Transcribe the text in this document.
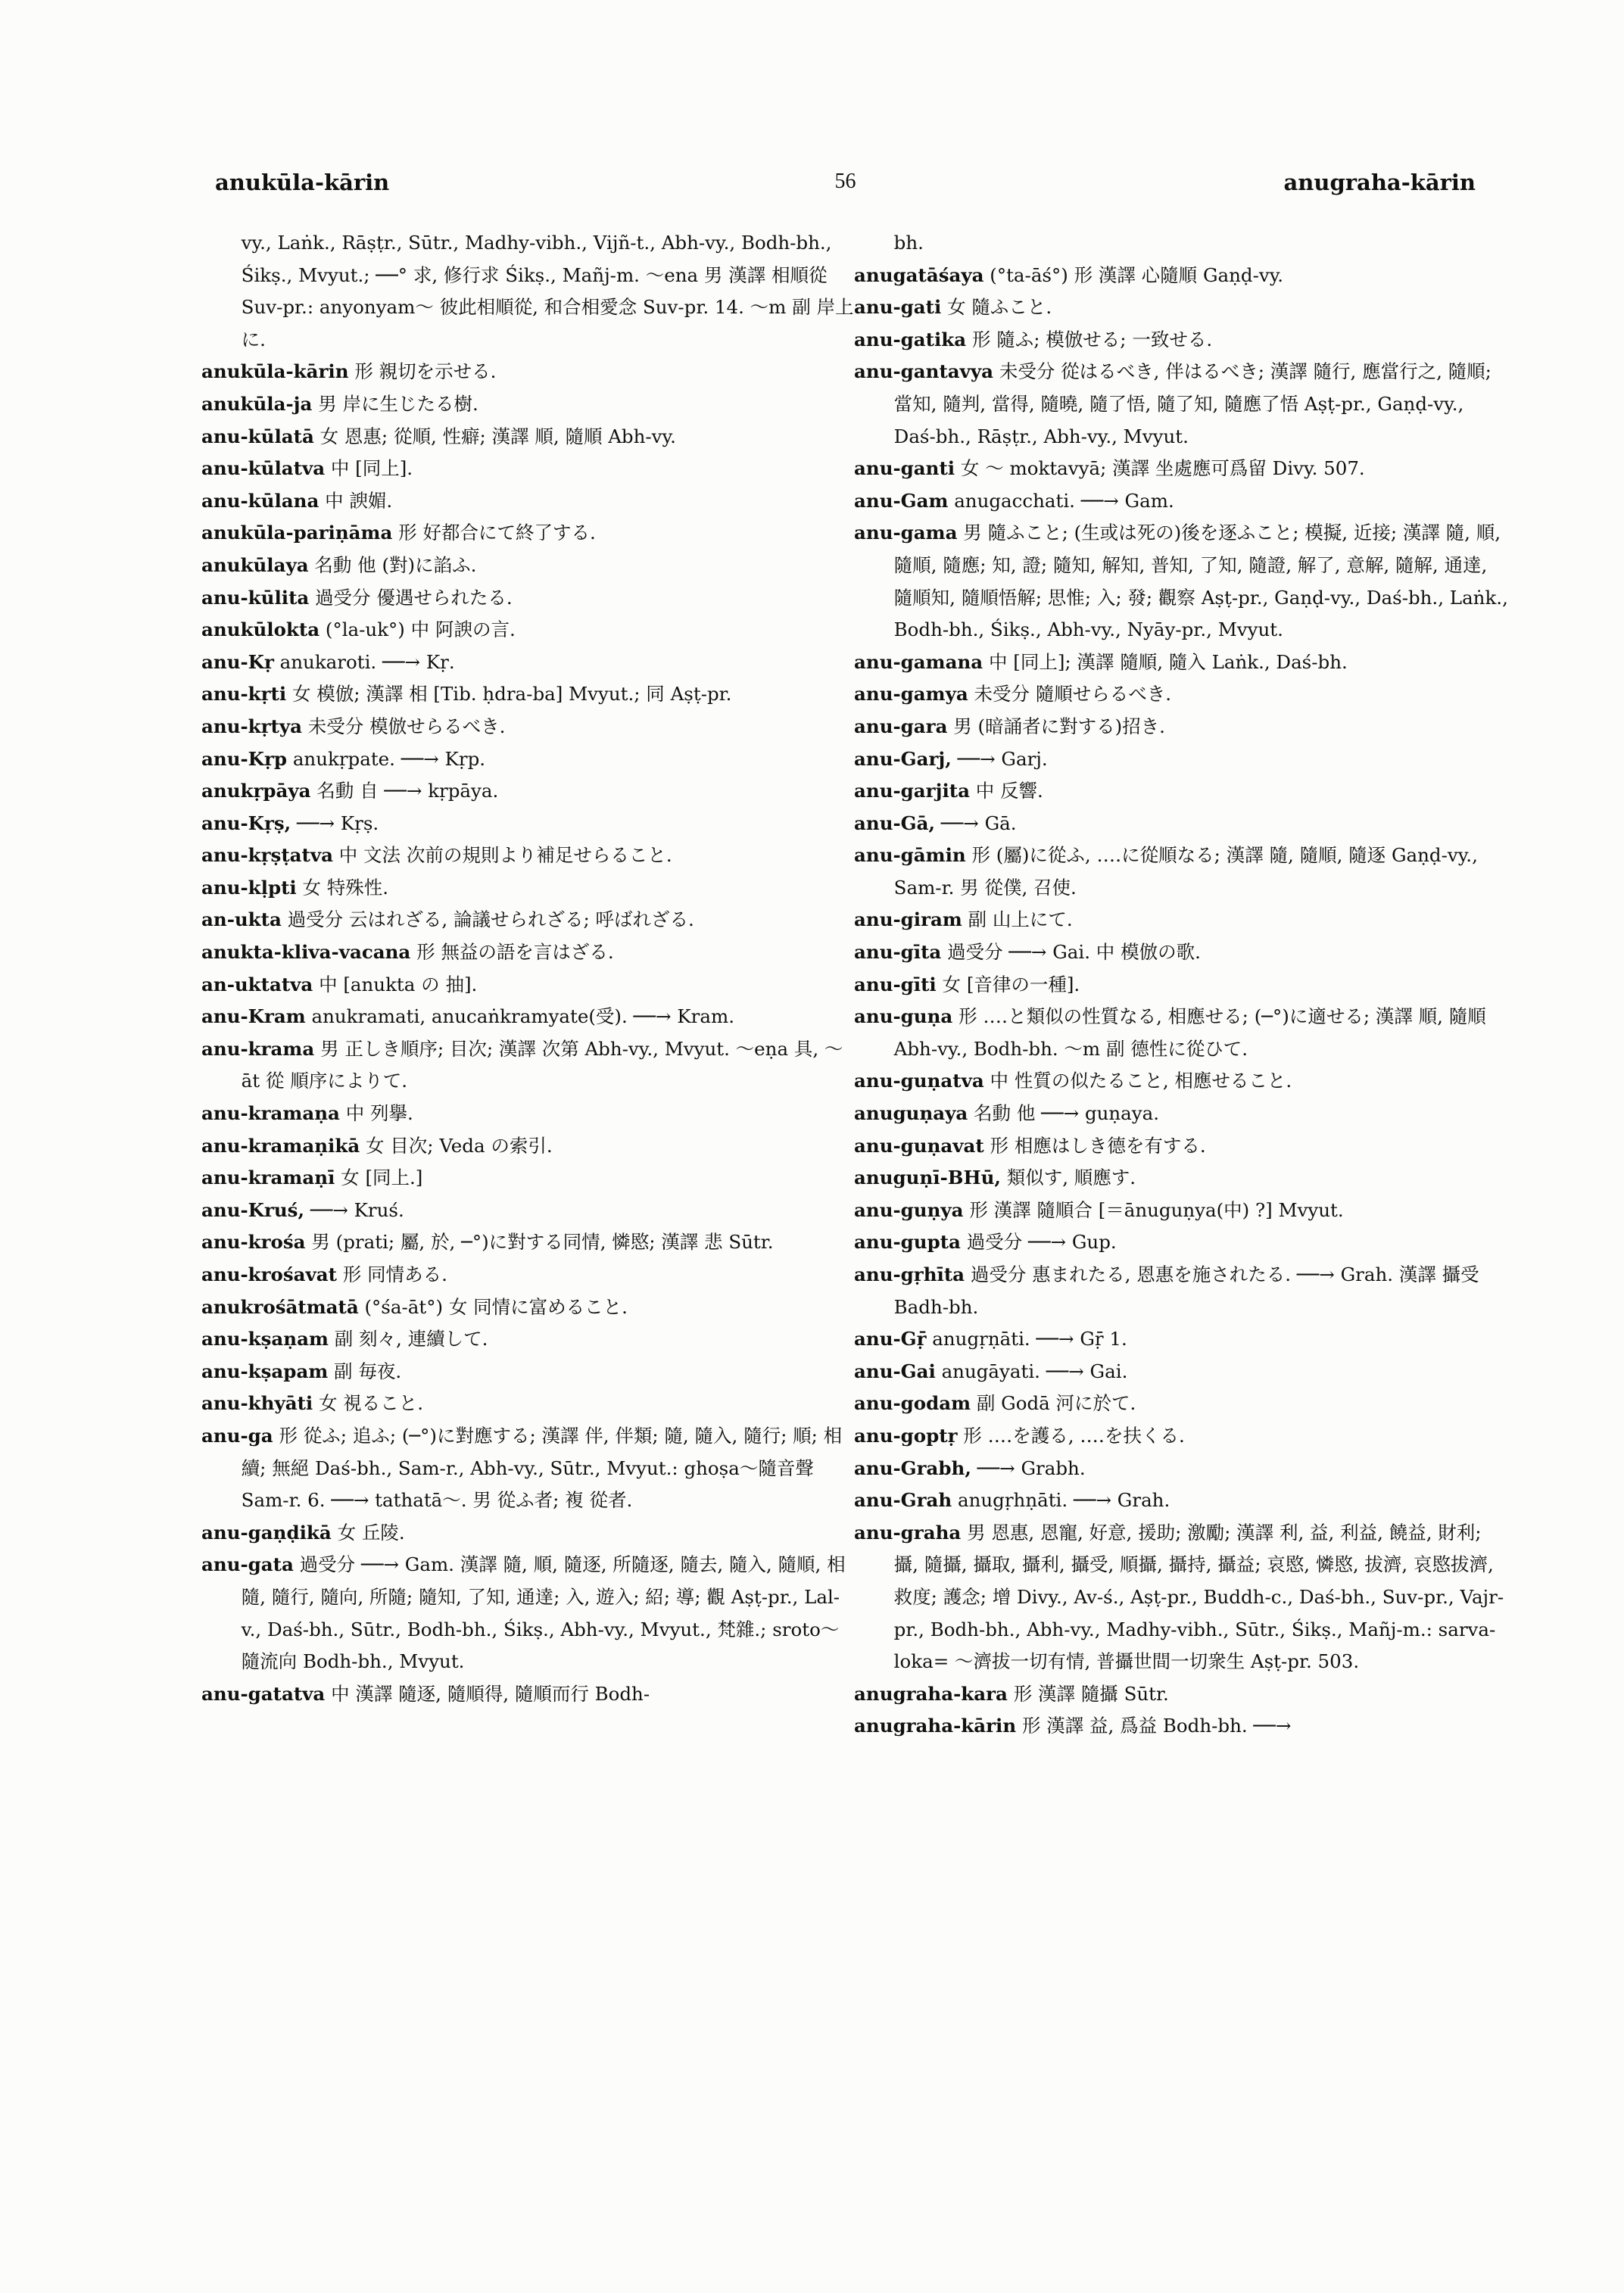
anukūla-kārin	56	anugraha-kārin
vy., Laṅk., Rāṣṭr., Sūtr., Madhy-vibh., Vijñ-t., Abh-vy., Bodh-bh., Śikṣ., Mvyut.; ──° 求, 修行求 Śikṣ., Mañj-m. ～ena 男 漢譯 相順從 Suv-pr.: anyonyam～ 彼此相順從, 和合相愛念 Suv-pr. 14. ～m 副 岸上に.
anukūla-kārin 形 親切を示せる.
anukūla-ja 男 岸に生じたる樹.
anu-kūlatā 女 恩惠; 從順, 性癖; 漢譯 順, 隨順 Abh-vy.
anu-kūlatva 中 [同上].
anu-kūlana 中 諛媚.
anukūla-pariṇāma 形 好都合にて終了する.
anukūlaya 名動 他 (對)に諂ふ.
anu-kūlita 過受分 優遇せられたる.
anukūlokta (°la-uk°) 中 阿諛の言.
anu-Kṛ anukaroti. ──→ Kṛ.
anu-kṛti 女 模倣; 漢譯 相 [Tib. ḥdra-ba] Mvyut.; 同 Aṣṭ-pr.
anu-kṛtya 未受分 模倣せらるべき.
anu-Kṛp anukṛpate. ──→ Kṛp.
anukṛpāya 名動 自 ──→ kṛpāya.
anu-Kṛṣ, ──→ Kṛṣ.
anu-kṛṣṭatva 中 文法 次前の規則より補足せらること.
anu-kḷpti 女 特殊性.
an-ukta 過受分 云はれざる, 論議せられざる; 呼ばれざる.
anukta-kliva-vacana 形 無益の語を言はざる.
an-uktatva 中 [anukta の 抽].
anu-Kram anukramati, anucaṅkramyate(受). ──→ Kram.
anu-krama 男 正しき順序; 目次; 漢譯 次第 Abh-vy., Mvyut. ～eṇa 具, ～āt 從 順序によりて.
anu-kramaṇa 中 列擧.
anu-kramaṇikā 女 目次; Veda の索引.
anu-kramaṇī 女 [同上.]
anu-Kruś, ──→ Kruś.
anu-krośa 男 (prati; 屬, 於, ─°)に對する同情, 憐愍; 漢譯 悲 Sūtr.
anu-krośavat 形 同情ある.
anukrośātmatā (°śa-āt°) 女 同情に富めること.
anu-kṣaṇam 副 刻々, 連續して.
anu-kṣapam 副 毎夜.
anu-khyāti 女 視ること.
anu-ga 形 從ふ; 追ふ; (─°)に對應する; 漢譯 伴, 伴類; 隨, 隨入, 隨行; 順; 相續; 無絕 Daś-bh., Sam-r., Abh-vy., Sūtr., Mvyut.: ghoṣa～隨音聲 Sam-r. 6. ──→ tathatā～. 男 從ふ者; 複 從者.
anu-gaṇḍikā 女 丘陵.
anu-gata 過受分 ──→ Gam. 漢譯 隨, 順, 隨逐, 所隨逐, 隨去, 隨入, 隨順, 相隨, 隨行, 隨向, 所隨; 隨知, 了知, 通達; 入, 遊入; 紹; 導; 觀 Aṣṭ-pr., Lal-v., Daś-bh., Sūtr., Bodh-bh., Śikṣ., Abh-vy., Mvyut., 梵雜.; sroto～ 隨流向 Bodh-bh., Mvyut.
anu-gatatva 中 漢譯 隨逐, 隨順得, 隨順而行 Bodh-
bh.
anugatāśaya (°ta-āś°) 形 漢譯 心隨順 Gaṇḍ-vy.
anu-gati 女 隨ふこと.
anu-gatika 形 隨ふ; 模倣せる; 一致せる.
anu-gantavya 未受分 從はるべき, 伴はるべき; 漢譯 隨行, 應當行之, 隨順; 當知, 隨判, 當得, 隨曉, 隨了悟, 隨了知, 隨應了悟 Aṣṭ-pr., Gaṇḍ-vy., Daś-bh., Rāṣṭr., Abh-vy., Mvyut.
anu-ganti 女 ～ moktavyā; 漢譯 坐處應可爲留 Divy. 507.
anu-Gam anugacchati. ──→ Gam.
anu-gama 男 隨ふこと; (生或は死の)後を逐ふこと; 模擬, 近接; 漢譯 隨, 順, 隨順, 隨應; 知, 證; 隨知, 解知, 普知, 了知, 隨證, 解了, 意解, 隨解, 通達, 隨順知, 隨順悟解; 思惟; 入; 發; 觀察 Aṣṭ-pr., Gaṇḍ-vy., Daś-bh., Laṅk., Bodh-bh., Śikṣ., Abh-vy., Nyāy-pr., Mvyut.
anu-gamana 中 [同上]; 漢譯 隨順, 隨入 Laṅk., Daś-bh.
anu-gamya 未受分 隨順せらるべき.
anu-gara 男 (暗誦者に對する)招き.
anu-Garj, ──→ Garj.
anu-garjita 中 反響.
anu-Gā, ──→ Gā.
anu-gāmin 形 (屬)に從ふ, ‥‥に從順なる; 漢譯 隨, 隨順, 隨逐 Gaṇḍ-vy., Sam-r. 男 從僕, 召使.
anu-giram 副 山上にて.
anu-gīta 過受分 ──→ Gai. 中 模倣の歌.
anu-gīti 女 [音律の一種].
anu-guṇa 形 ‥‥と類似の性質なる, 相應せる; (─°)に適せる; 漢譯 順, 隨順 Abh-vy., Bodh-bh. ～m 副 德性に從ひて.
anu-guṇatva 中 性質の似たること, 相應せること.
anuguṇaya 名動 他 ──→ guṇaya.
anu-guṇavat 形 相應はしき德を有する.
anuguṇī-BHū, 類似す, 順應す.
anu-guṇya 形 漢譯 隨順合 [＝ānuguṇya(中) ?] Mvyut.
anu-gupta 過受分 ──→ Gup.
anu-gṛhīta 過受分 惠まれたる, 恩惠を施されたる. ──→ Grah. 漢譯 攝受 Badh-bh.
anu-Gṝ anugṛṇāti. ──→ Gṝ 1.
anu-Gai anugāyati. ──→ Gai.
anu-godam 副 Godā 河に於て.
anu-goptṛ 形 ‥‥を護る, ‥‥を扶くる.
anu-Grabh, ──→ Grabh.
anu-Grah anugṛhṇāti. ──→ Grah.
anu-graha 男 恩惠, 恩寵, 好意, 援助; 激勵; 漢譯 利, 益, 利益, 饒益, 財利; 攝, 隨攝, 攝取, 攝利, 攝受, 順攝, 攝持, 攝益; 哀愍, 憐愍, 拔濟, 哀愍拔濟, 救度; 護念; 增 Divy., Av-ś., Aṣṭ-pr., Buddh-c., Daś-bh., Suv-pr., Vajr-pr., Bodh-bh., Abh-vy., Madhy-vibh., Sūtr., Śikṣ., Mañj-m.: sarva-loka= ～濟拔一切有情, 普攝世間一切衆生 Aṣṭ-pr. 503.
anugraha-kara 形 漢譯 隨攝 Sūtr.
anugraha-kārin 形 漢譯 益, 爲益 Bodh-bh. ──→
